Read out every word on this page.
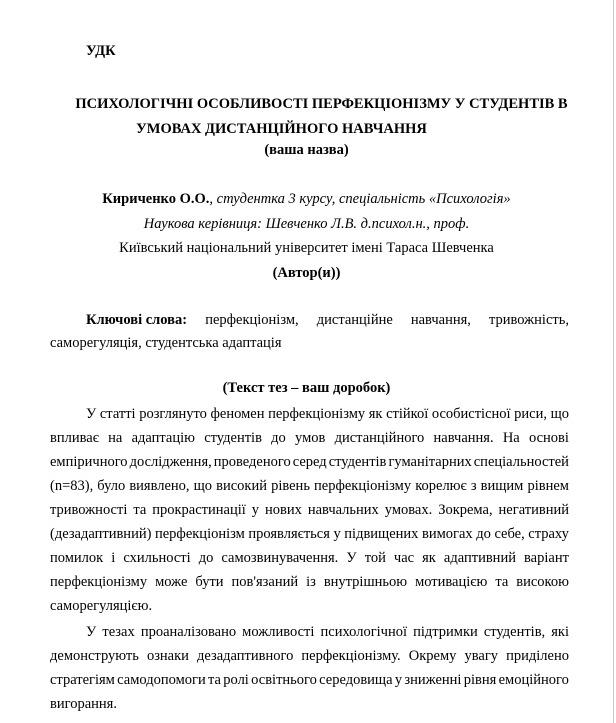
УДК
ПСИХОЛОГІЧНІ ОСОБЛИВОСТІ ПЕРФЕКЦІОНІЗМУ У СТУДЕНТІВ В
УМОВАХ ДИСТАНЦІЙНОГО НАВЧАННЯ
(ваша назва)
Кириченко О.О., студентка 3 курсу, спеціальність «Психологія»
Наукова керівниця: Шевченко Л.В. д.психол.н., проф.
Київський національний університет імені Тараса Шевченка
(Автор(и))
Ключові слова: перфекціонізм, дистанційне навчання, тривожність,
саморегуляція, студентська адаптація
(Текст тез – ваш доробок)
У статті розглянуто феномен перфекціонізму як стійкої особистісної риси, що
впливає на адаптацію студентів до умов дистанційного навчання. На основі
емпіричного дослідження, проведеного серед студентів гуманітарних спеціальностей
(n=83), було виявлено, що високий рівень перфекціонізму корелює з вищим рівнем
тривожності та прокрастинації у нових навчальних умовах. Зокрема, негативний
(дезадаптивний) перфекціонізм проявляється у підвищених вимогах до себе, страху
помилок і схильності до самозвинувачення. У той час як адаптивний варіант
перфекціонізму може бути пов'язаний із внутрішньою мотивацією та високою
саморегуляцією.
У тезах проаналізовано можливості психологічної підтримки студентів, які
демонструють ознаки дезадаптивного перфекціонізму. Окрему увагу приділено
стратегіям самодопомоги та ролі освітнього середовища у зниженні рівня емоційного
вигорання.
